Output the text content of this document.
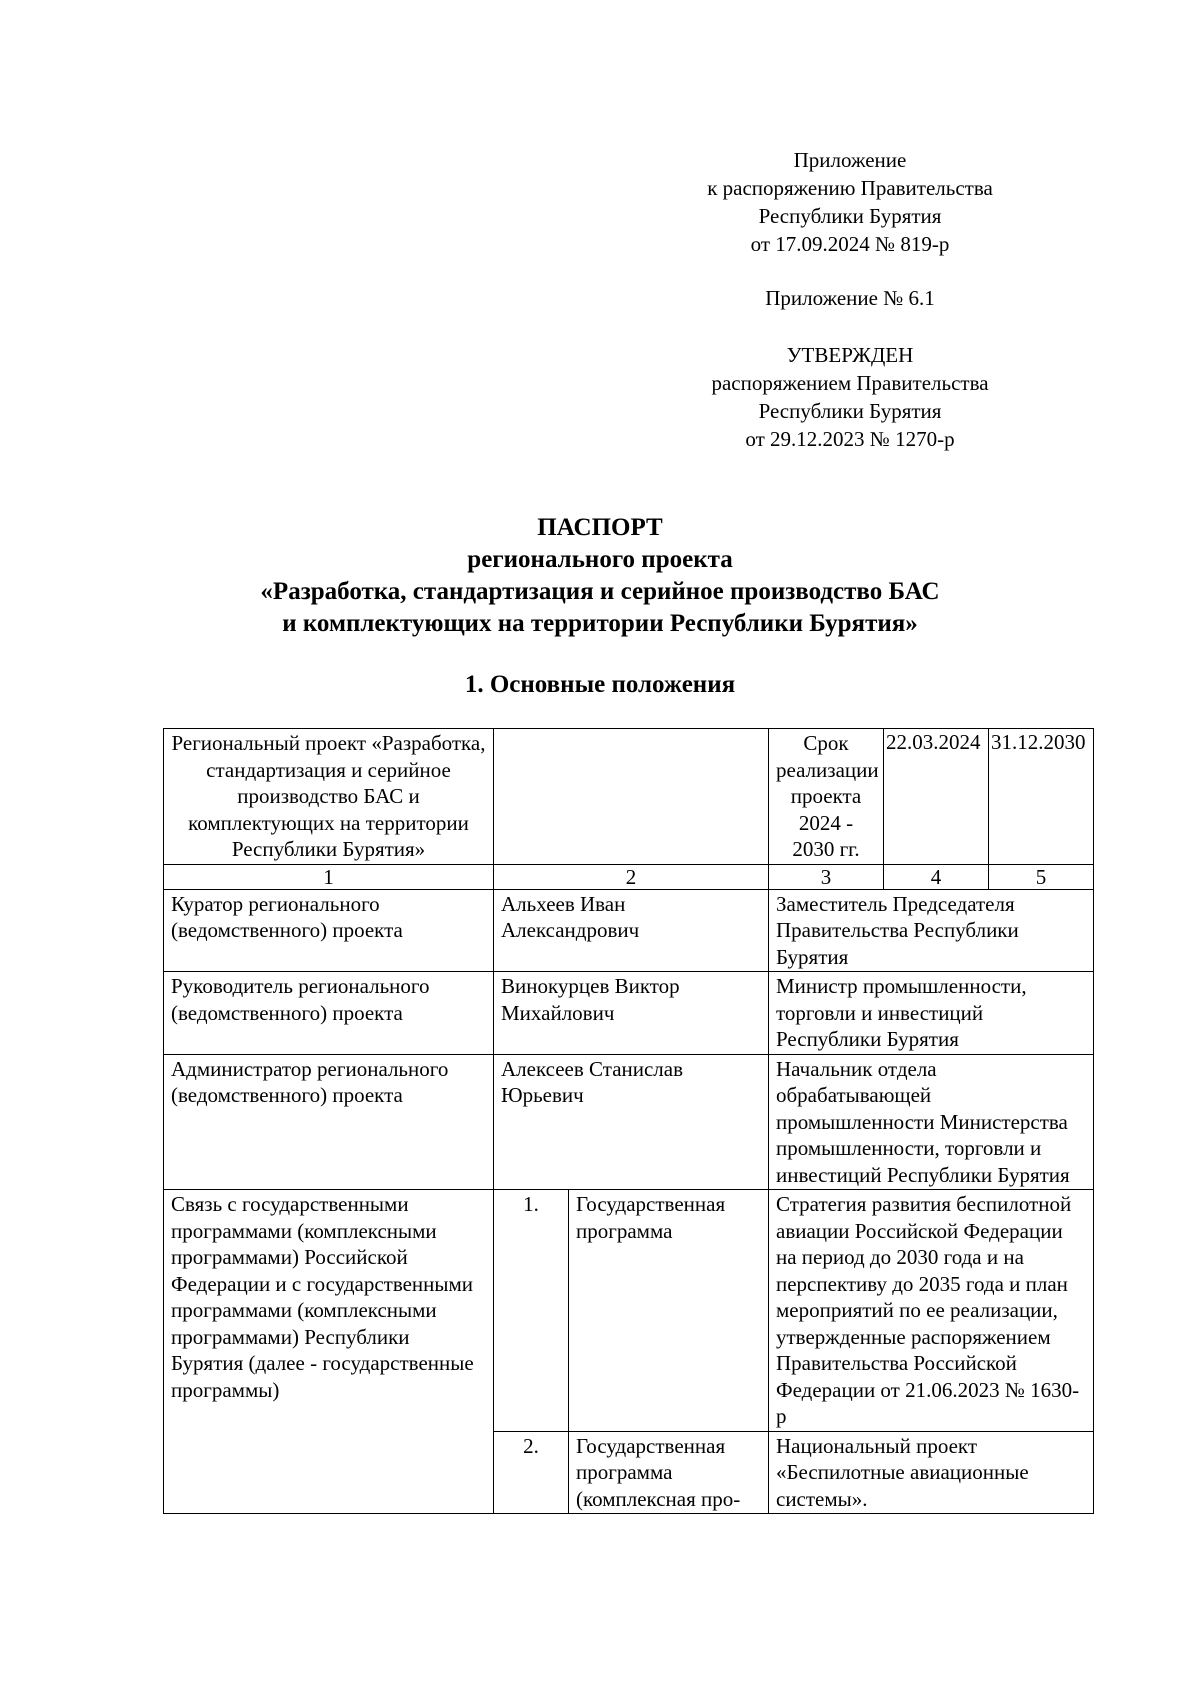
Приложение
к распоряжению Правительства
Республики Бурятия
от 17.09.2024 № 819-р
Приложение № 6.1
УТВЕРЖДЕН
распоряжением Правительства
Республики Бурятия
от 29.12.2023 № 1270-р
ПАСПОРТ
регионального проекта
«Разработка, стандартизация и серийное производство БАС
и комплектующих на территории Республики Бурятия»
1. Основные положения
Региональный проект «Разработка, стандартизация и серийное производство БАС и комплектующих на территории Республики Бурятия»			Срок реализации проекта 2024 - 2030 гг.	22.03.2024	31.12.2030
1	2		3	4	5
Куратор регионального (ведомственного) проекта	Альхеев Иван Александрович		Заместитель Председателя Правительства Республики Бурятия		
Руководитель регионального (ведомственного) проекта	Винокурцев Виктор Михайлович		Министр промышленности, торговли и инвестиций Республики Бурятия		
Администратор регионального (ведомственного) проекта	Алексеев Станислав Юрьевич		Начальник отдела обрабатывающей промышленности Министерства промышленности, торговли и инвестиций Республики Бурятия		
Связь с государственными программами (комплексными программами) Российской Федерации и с государственными программами (комплексными программами) Республики Бурятия (далее - государственные программы)	1.	Государственная программа	Стратегия развития беспилотной авиации Российской Федерации на период до 2030 года и на перспективу до 2035 года и план мероприятий по ее реализации, утвержденные распоряжением Правительства Российской Федерации от 21.06.2023 № 1630-р		
	2.	Государственная программа (комплексная про-	Национальный проект «Беспилотные авиационные системы».		
